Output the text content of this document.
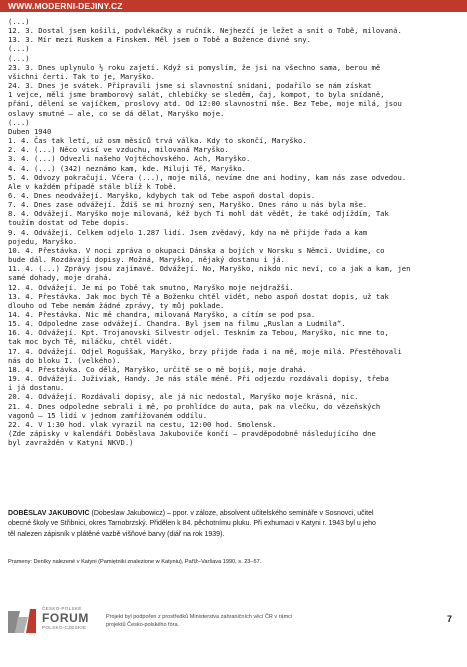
WWW.MODERNI-DEJINY.CZ
(...)
12. 3. Dostal jsem košili, podvlékačky a ručník. Nejhezčí je ležet a snít o Tobě, milovaná.
13. 3. Mír mezi Ruskem a Finskem. Měl jsem o Tobě a Božence divné sny.
(...)
(...)
23. 3. Dnes uplynulo ½ roku zajetí. Když si pomyslím, že jsi na všechno sama, berou mě
všichni čerti. Tak to je, Maryško.
24. 3. Dnes je svátek. Připravili jsme si slavnostní snídani, podařilo se nám získat
1 vejce, měli jsme bramborový salát, chlebíčky se sleděm, čaj, kompot, to byla snídaně,
přání, dělení se vajíčkem, proslovy atd. Od 12:00 slavnostní mše. Bez Tebe, moje milá, jsou
oslavy smutné – ale, co se dá dělat, Maryško moje.
(...)
Duben 1940
1. 4. Čas tak letí, už osm měsíců trvá válka. Kdy to skončí, Maryško.
2. 4. (...) Něco visí ve vzduchu, milovaná Maryško.
3. 4. (...) Odvezli našeho Vojtěchovského. Ach, Maryško.
4. 4. (...) (342) neznámo kam, kde. Miluji Tě, Maryško.
5. 4. Odvozy pokračují. Včera (...), moje milá, nevíme dne ani hodiny, kam nás zase odvedou.
Ale v každém případě stále blíž k Tobě.
6. 4. Dnes neodvážejí. Maryško, kdybych tak od Tebe aspoň dostal dopis.
7. 4. Dnes zase odvážejí. Ždíš se mi hrozný sen, Maryško. Dnes ráno u nás byla mše.
8. 4. Odvážejí. Maryško moje milovaná, kéž bych Ti mohl dát vědět, že také odjíždím, Tak
toužím dostat od Tebe dopis.
9. 4. Odvážejí. Celkem odjelo 1.287 lidí. Jsem zvědavý, kdy na mě přijde řada a kam
pojedu, Maryško.
10. 4. Přestávka. V noci zpráva o okupaci Dánska a bojích v Norsku s Němci. Uvidíme, co
bude dál. Rozdávají dopisy. Možná, Maryško, nějaký dostanu i já.
11. 4. (...) Zprávy jsou zajímavé. Odvážejí. No, Maryško, nikdo nic neví, co a jak a kam, jen
samé dohady, moje drahá.
12. 4. Odvážejí. Je mi po Tobě tak smutno, Maryško moje nejdražší.
13. 4. Přestávka. Jak moc bych Tě a Boženku chtěl vidět, nebo aspoň dostat dopis, už tak
dlouho od Tebe nemám žádné zprávy, ty můj poklade.
14. 4. Přestávka. Nic mě chandra, milovaná Maryško, a cítím se pod psa.
15. 4. Odpoledne zase odvážejí. Chandra. Byl jsem na filmu „Ruslan a Ludmila“.
16. 4. Odvážejí. Kpt. Trojanovski Silvestr odjel. Teskním za Tebou, Maryško, nic mne to,
tak moc bych Tě, miláčku, chtěl vidět.
17. 4. Odvážejí. Odjel Roguššak, Maryško, brzy přijde řada i na mě, moje milá. Přestěhovali
nás do bloku I. (velkého).
18. 4. Přestávka. Co dělá, Maryško, určitě se o mě bojíš, moje drahá.
19. 4. Odvážejí. Juživiak, Handy. Je nás stále méně. Při odjezdu rozdávali dopisy, třeba
i já dostanu.
20. 4. Odvážejí. Rozdávali dopisy, ale já nic nedostal, Maryško moje krásná, nic.
21. 4. Dnes odpoledne sebrali i mě, po prohlídce do auta, pak na vlečku, do vězeňských
vagonů – 15 lidí v jednom zamřížovaném oddílu.
22. 4. V 1:30 hod. vlak vyrazil na cestu, 12:00 hod. Smolensk.
(Zde zápisky v kalendáři Doběslava Jakuboviče končí – pravděpodobně následujícího dne
byl zavražděn v Katyni NKVD.)
DOBĚSLAV JAKUBOVIČ (Dobeslaw Jakubowicz) – ppor. v záloze, absolvent učitelského semináře v Sosnovci, učitel
obecné školy ve Střibnici, okres Tarnobrzský. Přidělen k 84. pěchotnímu pluku. Při exhumaci v Katyni r. 1943 byl u jeho
těl nalezen zápisník v plátěné vazbě višňové barvy (diář na rok 1939).
Prameny: Deníky nalezené v Katyni (Pamiętniki znalezione w Katyniu), Paříž–Varšava 1990, s. 23–57.
ČESKO-POLSKÉ
FORUM
POLSKO-CZESKIE
Projekt byl podpořen z prostředků Ministerstva zahraničních věcí ČR v rámci
projektů Česko-polského fóra.
7
